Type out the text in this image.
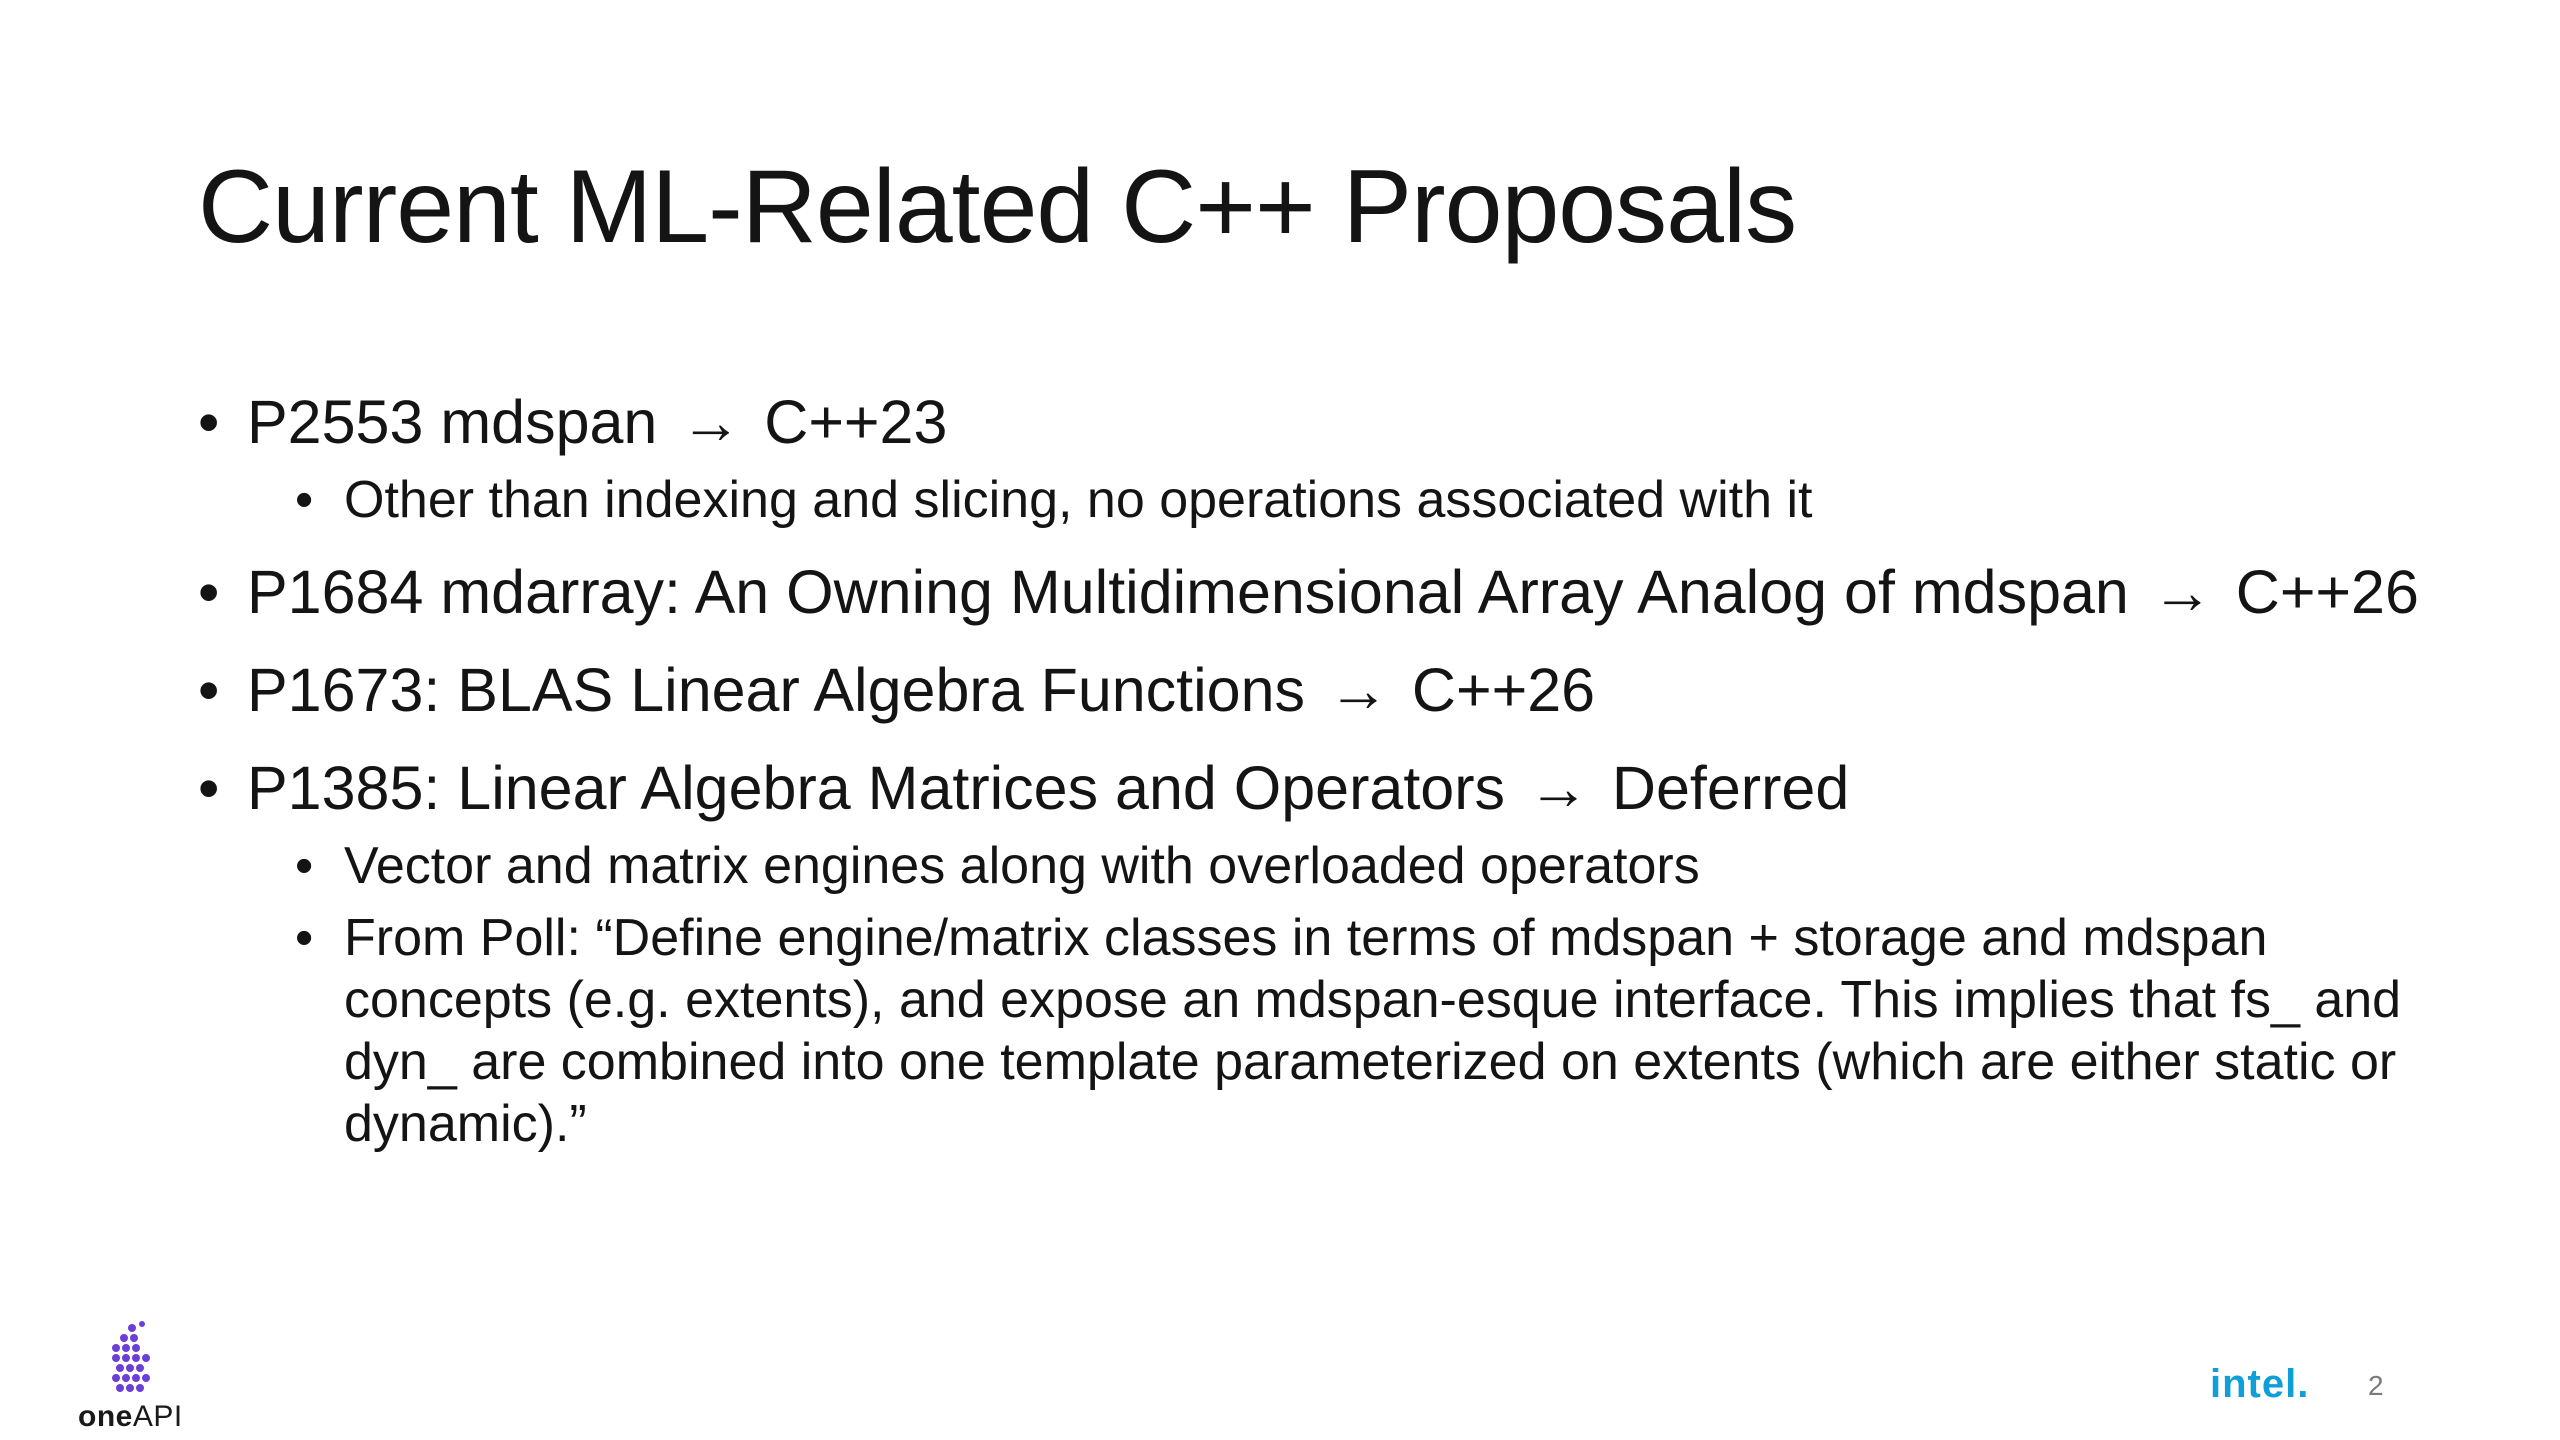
Current ML-Related C++ Proposals
• P2553 mdspan → C++23
• Other than indexing and slicing, no operations associated with it
• P1684 mdarray: An Owning Multidimensional Array Analog of mdspan → C++26
• P1673: BLAS Linear Algebra Functions → C++26
• P1385: Linear Algebra Matrices and Operators → Deferred
• Vector and matrix engines along with overloaded operators
• From Poll: “Define engine/matrix classes in terms of mdspan + storage and mdspan concepts (e.g. extents), and expose an mdspan-esque interface. This implies that fs_ and dyn_ are combined into one template parameterized on extents (which are either static or dynamic).”
oneAPI
intel. 2
